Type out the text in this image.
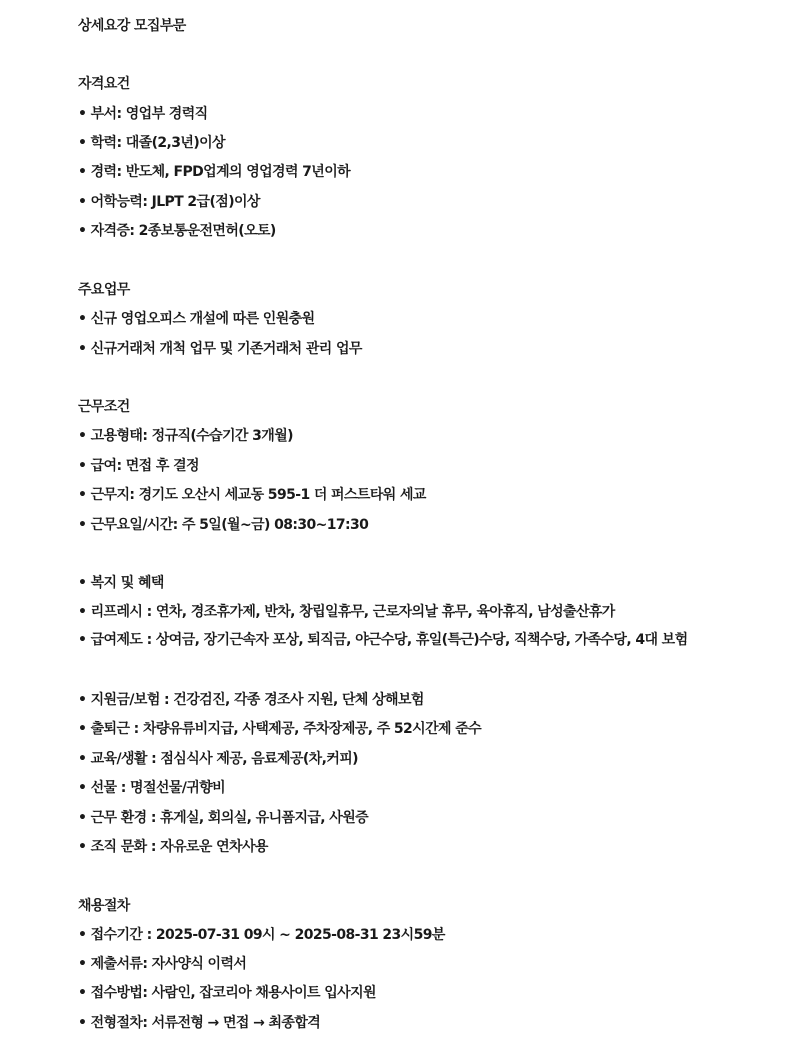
상세요강 모집부문
자격요건
• 부서: 영업부 경력직
• 학력: 대졸(2,3년)이상
• 경력: 반도체, FPD업계의 영업경력 7년이하
• 어학능력: JLPT 2급(점)이상
• 자격증: 2종보통운전면허(오토)
주요업무
• 신규 영업오피스 개설에 따른 인원충원
• 신규거래처 개척 업무 및 기존거래처 관리 업무
근무조건
• 고용형태: 정규직(수습기간 3개월)
• 급여: 면접 후 결정
• 근무지: 경기도 오산시 세교동 595-1 더 퍼스트타워 세교
• 근무요일/시간: 주 5일(월~금) 08:30~17:30
• 복지 및 혜택
• 리프레시 : 연차, 경조휴가제, 반차, 창립일휴무, 근로자의날 휴무, 육아휴직, 남성출산휴가
• 급여제도 : 상여금, 장기근속자 포상, 퇴직금, 야근수당, 휴일(특근)수당, 직책수당, 가족수당, 4대 보험
• 지원금/보험 : 건강검진, 각종 경조사 지원, 단체 상해보험
• 출퇴근 : 차량유류비지급, 사택제공, 주차장제공, 주 52시간제 준수
• 교육/생활 : 점심식사 제공, 음료제공(차,커피)
• 선물 : 명절선물/귀향비
• 근무 환경 : 휴게실, 회의실, 유니폼지급, 사원증
• 조직 문화 : 자유로운 연차사용
채용절차
• 접수기간 : 2025-07-31 09시 ~ 2025-08-31 23시59분
• 제출서류: 자사양식 이력서
• 접수방법: 사람인, 잡코리아 채용사이트 입사지원
• 전형절차: 서류전형 → 면접 → 최종합격
